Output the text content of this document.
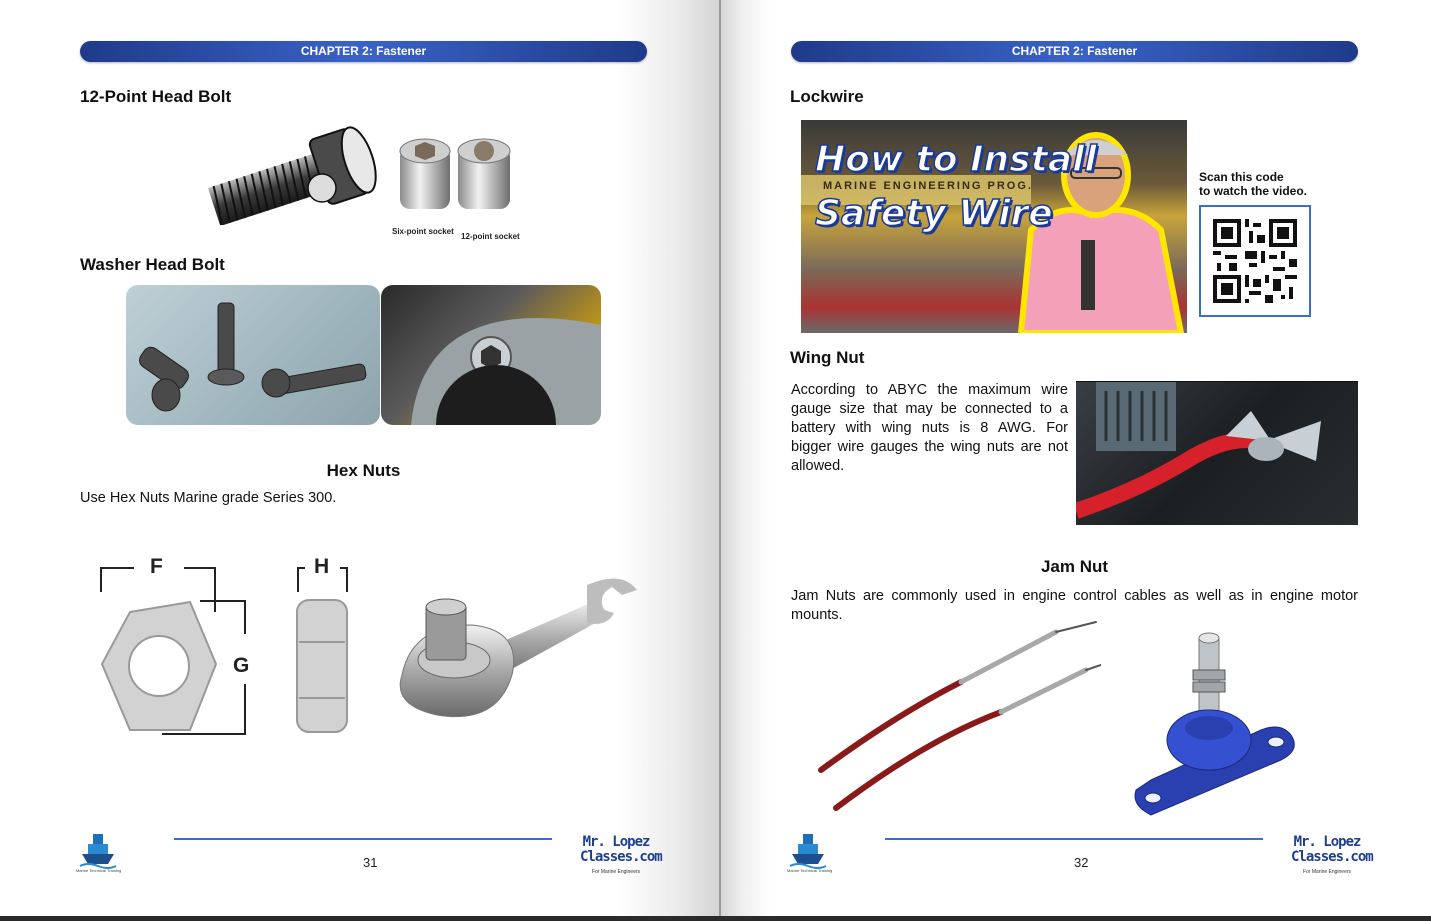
CHAPTER 2: Fastener
12-Point Head Bolt
Six-point socket
12-point socket
Washer Head Bolt
Hex Nuts

Use Hex Nuts Marine grade Series 300.

F
G
H
Marine Technical Training
31
Mr. Lopez
Classes.com
For Marine Engineers
CHAPTER 2: Fastener
Lockwire
MARINE ENGINEERING PROG.
How to Install
Safety Wire
Scan this code
to watch the video.
Wing Nut

According to ABYC the maximum wire gauge size that may be connected to a battery with wing nuts is 8 AWG. For bigger wire gauges the wing nuts are not allowed.

Jam Nut

Jam Nuts are commonly used in engine control cables as well as in engine motor mounts.

Marine Technical Training
32
Mr. Lopez
Classes.com
For Marine Engineers
